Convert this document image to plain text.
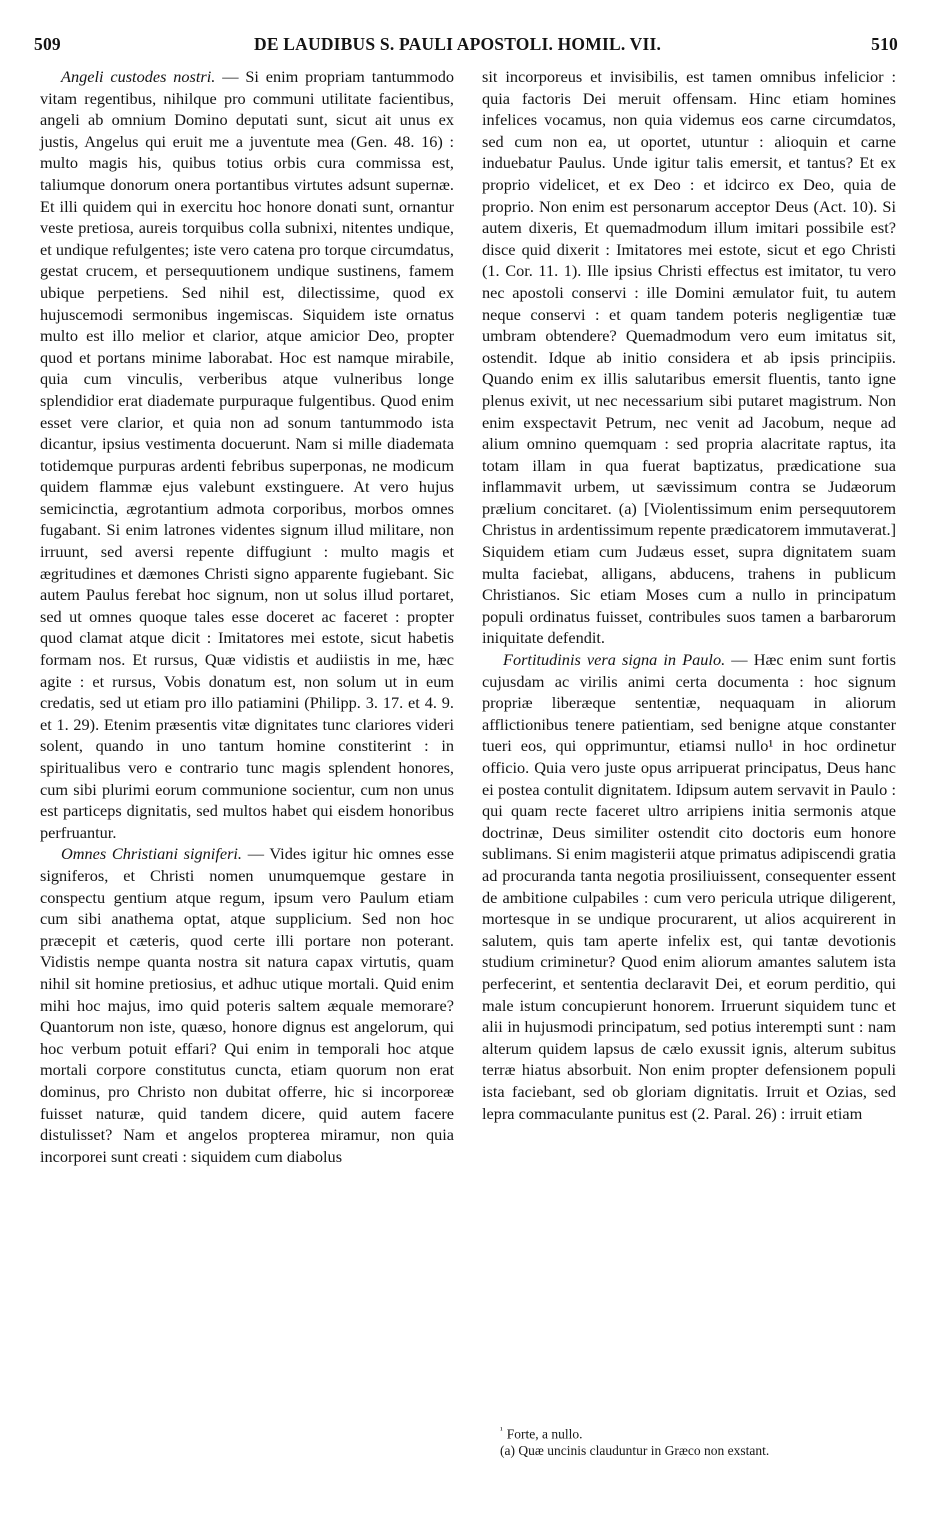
509	DE LAUDIBUS S. PAULI APOSTOLI. HOMIL. VII.	510

Angeli custodes nostri. — Si enim propriam tantummodo vitam regentibus, nihilque pro communi utilitate facientibus, angeli ab omnium Domino deputati sunt, sicut ait unus ex justis, Angelus qui eruit me a juventute mea (Gen. 48. 16) : multo magis his, quibus totius orbis cura commissa est, taliumque donorum onera portantibus virtutes adsunt supernæ. Et illi quidem qui in exercitu hoc honore donati sunt, ornantur veste pretiosa, aureis torquibus colla subnixi, nitentes undique, et undique refulgentes; iste vero catena pro torque circumdatus, gestat crucem, et persequutionem undique sustinens, famem ubique perpetiens. Sed nihil est, dilectissime, quod ex hujuscemodi sermonibus ingemiscas. Siquidem iste ornatus multo est illo melior et clarior, atque amicior Deo, propter quod et portans minime laborabat. Hoc est namque mirabile, quia cum vinculis, verberibus atque vulneribus longe splendidior erat diademate purpuraque fulgentibus. Quod enim esset vere clarior, et quia non ad sonum tantummodo ista dicantur, ipsius vestimenta docuerunt. Nam si mille diademata totidemque purpuras ardenti febribus superponas, ne modicum quidem flammæ ejus valebunt exstinguere. At vero hujus semicinctia, ægrotantium admota corporibus, morbos omnes fugabant. Si enim latrones videntes signum illud militare, non irruunt, sed aversi repente diffugiunt : multo magis et ægritudines et dæmones Christi signo apparente fugiebant. Sic autem Paulus ferebat hoc signum, non ut solus illud portaret, sed ut omnes quoque tales esse doceret ac faceret : propter quod clamat atque dicit : Imitatores mei estote, sicut habetis formam nos. Et rursus, Quæ vidistis et audiistis in me, hæc agite : et rursus, Vobis donatum est, non solum ut in eum credatis, sed ut etiam pro illo patiamini (Philipp. 3. 17. et 4. 9. et 1. 29). Etenim præsentis vitæ dignitates tunc clariores videri solent, quando in uno tantum homine constiterint : in spiritualibus vero e contrario tunc magis splendent honores, cum sibi plurimi eorum communione socientur, cum non unus est particeps dignitatis, sed multos habet qui eisdem honoribus perfruantur.

Omnes Christiani signiferi. — Vides igitur hic omnes esse signiferos, et Christi nomen unumquemque gestare in conspectu gentium atque regum, ipsum vero Paulum etiam cum sibi anathema optat, atque supplicium. Sed non hoc præcepit et cæteris, quod certe illi portare non poterant. Vidistis nempe quanta nostra sit natura capax virtutis, quam nihil sit homine pretiosius, et adhuc utique mortali. Quid enim mihi hoc majus, imo quid poteris saltem æquale memorare? Quantorum non iste, quæso, honore dignus est angelorum, qui hoc verbum potuit effari? Qui enim in temporali hoc atque mortali corpore constitutus cuncta, etiam quorum non erat dominus, pro Christo non dubitat offerre, hic si incorporeæ fuisset naturæ, quid tandem dicere, quid autem facere distulisset? Nam et angelos propterea miramur, non quia incorporei sunt creati : siquidem cum diabolus

sit incorporeus et invisibilis, est tamen omnibus infelicior : quia factoris Dei meruit offensam. Hinc etiam homines infelices vocamus, non quia videmus eos carne circumdatos, sed cum non ea, ut oportet, utuntur : alioquin et carne induebatur Paulus. Unde igitur talis emersit, et tantus? Et ex proprio videlicet, et ex Deo : et idcirco ex Deo, quia de proprio. Non enim est personarum acceptor Deus (Act. 10). Si autem dixeris, Et quemadmodum illum imitari possibile est? disce quid dixerit : Imitatores mei estote, sicut et ego Christi (1. Cor. 11. 1). Ille ipsius Christi effectus est imitator, tu vero nec apostoli conservi : ille Domini æmulator fuit, tu autem neque conservi : et quam tandem poteris negligentiæ tuæ umbram obtendere? Quemadmodum vero eum imitatus sit, ostendit. Idque ab initio considera et ab ipsis principiis. Quando enim ex illis salutaribus emersit fluentis, tanto igne plenus exivit, ut nec necessarium sibi putaret magistrum. Non enim exspectavit Petrum, nec venit ad Jacobum, neque ad alium omnino quemquam : sed propria alacritate raptus, ita totam illam in qua fuerat baptizatus, prædicatione sua inflammavit urbem, ut sævissimum contra se Judæorum prælium concitaret. (a) [Violentissimum enim persequutorem Christus in ardentissimum repente prædicatorem immutaverat.] Siquidem etiam cum Judæus esset, supra dignitatem suam multa faciebat, alligans, abducens, trahens in publicum Christianos. Sic etiam Moses cum a nullo in principatum populi ordinatus fuisset, contribules suos tamen a barbarorum iniquitate defendit.

Fortitudinis vera signa in Paulo. — Hæc enim sunt fortis cujusdam ac virilis animi certa documenta : hoc signum propriæ liberæque sententiæ, nequaquam in aliorum afflictionibus tenere patientiam, sed benigne atque constanter tueri eos, qui opprimuntur, etiamsi nullo¹ in hoc ordinetur officio. Quia vero juste opus arripuerat principatus, Deus hanc ei postea contulit dignitatem. Idipsum autem servavit in Paulo : qui quam recte faceret ultro arripiens initia sermonis atque doctrinæ, Deus similiter ostendit cito doctoris eum honore sublimans. Si enim magisterii atque primatus adipiscendi gratia ad procuranda tanta negotia prosiliuissent, consequenter essent de ambitione culpabiles : cum vero pericula utrique diligerent, mortesque in se undique procurarent, ut alios acquirerent in salutem, quis tam aperte infelix est, qui tantæ devotionis studium criminetur? Quod enim aliorum amantes salutem ista perfecerint, et sententia declaravit Dei, et eorum perditio, qui male istum concupierunt honorem. Irruerunt siquidem tunc et alii in hujusmodi principatum, sed potius interempti sunt : nam alterum quidem lapsus de cælo exussit ignis, alterum subitus terræ hiatus absorbuit. Non enim propter defensionem populi ista faciebant, sed ob gloriam dignitatis. Irruit et Ozias, sed lepra commaculante punitus est (2. Paral. 26) : irruit etiam

$^{^1}$ Forte, a nullo.

(a) Quæ uncinis clauduntur in Græco non exstant.
